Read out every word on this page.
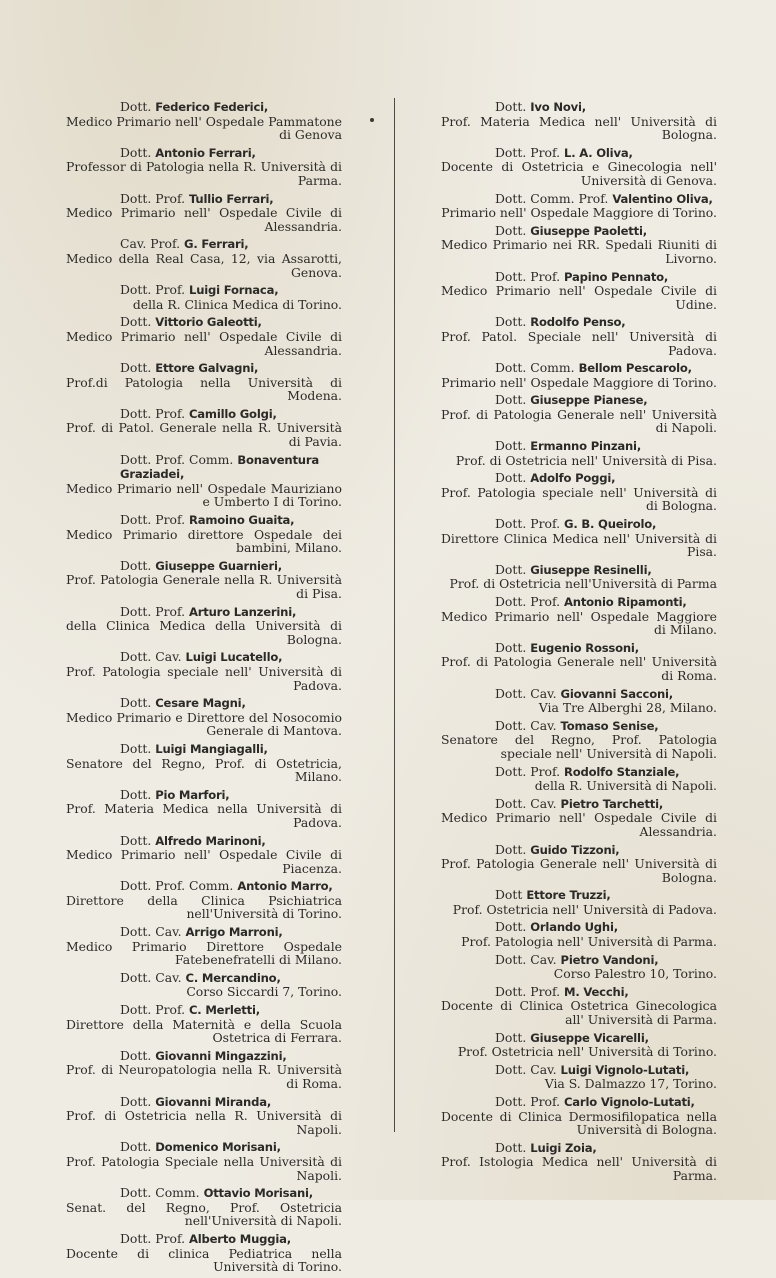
Dott. Federico Federici,
Medico Primario nell' Ospedale Pammatone di Genova
Dott. Antonio Ferrari,
Professor di Patologia nella R. Università di Parma.
Dott. Prof. Tullio Ferrari,
Medico Primario nell' Ospedale Civile di Alessandria.
Cav. Prof. G. Ferrari,
Medico della Real Casa, 12, via Assarotti, Genova.
Dott. Prof. Luigi Fornaca,
della R. Clinica Medica di Torino.
Dott. Vittorio Galeotti,
Medico Primario nell' Ospedale Civile di Alessandria.
Dott. Ettore Galvagni,
Prof.di Patologia nella Università di Modena.
Dott. Prof. Camillo Golgi,
Prof. di Patol. Generale nella R. Università di Pavia.
Dott. Prof. Comm. Bonaventura Graziadei,
Medico Primario nell' Ospedale Mauriziano e Umberto I di Torino.
Dott. Prof. Ramoino Guaita,
Medico Primario direttore Ospedale dei bambini, Milano.
Dott. Giuseppe Guarnieri,
Prof. Patologia Generale nella R. Università di Pisa.
Dott. Prof. Arturo Lanzerini,
della Clinica Medica della Università di Bologna.
Dott. Cav. Luigi Lucatello,
Prof. Patologia speciale nell' Università di Padova.
Dott. Cesare Magni,
Medico Primario e Direttore del Nosocomio Generale di Mantova.
Dott. Luigi Mangiagalli,
Senatore del Regno, Prof. di Ostetricia, Milano.
Dott. Pio Marfori,
Prof. Materia Medica nella Università di Padova.
Dott. Alfredo Marinoni,
Medico Primario nell' Ospedale Civile di Piacenza.
Dott. Prof. Comm. Antonio Marro,
Direttore della Clinica Psichiatrica nell'Università di Torino.
Dott. Cav. Arrigo Marroni,
Medico Primario Direttore Ospedale Fatebenefratelli di Milano.
Dott. Cav. C. Mercandino,
Corso Siccardi 7, Torino.
Dott. Prof. C. Merletti,
Direttore della Maternità e della Scuola Ostetrica di Ferrara.
Dott. Giovanni Mingazzini,
Prof. di Neuropatologia nella R. Università di Roma.
Dott. Giovanni Miranda,
Prof. di Ostetricia nella R. Università di Napoli.
Dott. Domenico Morisani,
Prof. Patologia Speciale nella Università di Napoli.
Dott. Comm. Ottavio Morisani,
Senat. del Regno, Prof. Ostetricia nell'Università di Napoli.
Dott. Prof. Alberto Muggia,
Docente di clinica Pediatrica nella Università di Torino.
Dott. Ivo Novi,
Prof. Materia Medica nell' Università di Bologna.
Dott. Prof. L. A. Oliva,
Docente di Ostetricia e Ginecologia nell' Università di Genova.
Dott. Comm. Prof. Valentino Oliva,
Primario nell' Ospedale Maggiore di Torino.
Dott. Giuseppe Paoletti,
Medico Primario nei RR. Spedali Riuniti di Livorno.
Dott. Prof. Papino Pennato,
Medico Primario nell' Ospedale Civile di Udine.
Dott. Rodolfo Penso,
Prof. Patol. Speciale nell' Università di Padova.
Dott. Comm. Bellom Pescarolo,
Primario nell' Ospedale Maggiore di Torino.
Dott. Giuseppe Pianese,
Prof. di Patologia Generale nell' Università di Napoli.
Dott. Ermanno Pinzani,
Prof. di Ostetricia nell' Università di Pisa.
Dott. Adolfo Poggi,
Prof. Patologia speciale nell' Università di di Bologna.
Dott. Prof. G. B. Queirolo,
Direttore Clinica Medica nell' Università di Pisa.
Dott. Giuseppe Resinelli,
Prof. di Ostetricia nell'Università di Parma
Dott. Prof. Antonio Ripamonti,
Medico Primario nell' Ospedale Maggiore di Milano.
Dott. Eugenio Rossoni,
Prof. di Patologia Generale nell' Università di Roma.
Dott. Cav. Giovanni Sacconi,
Via Tre Alberghi 28, Milano.
Dott. Cav. Tomaso Senise,
Senatore del Regno, Prof. Patologia speciale nell' Università di Napoli.
Dott. Prof. Rodolfo Stanziale,
della R. Università di Napoli.
Dott. Cav. Pietro Tarchetti,
Medico Primario nell' Ospedale Civile di Alessandria.
Dott. Guido Tizzoni,
Prof. Patologia Generale nell' Università di Bologna.
Dott Ettore Truzzi,
Prof. Ostetricia nell' Università di Padova.
Dott. Orlando Ughi,
Prof. Patologia nell' Università di Parma.
Dott. Cav. Pietro Vandoni,
Corso Palestro 10, Torino.
Dott. Prof. M. Vecchi,
Docente di Clinica Ostetrica Ginecologica all' Università di Parma.
Dott. Giuseppe Vicarelli,
Prof. Ostetricia nell' Università di Torino.
Dott. Cav. Luigi Vignolo-Lutati,
Via S. Dalmazzo 17, Torino.
Dott. Prof. Carlo Vignolo-Lutati,
Docente di Clinica Dermosifilopatica nella Università di Bologna.
Dott. Luigi Zoia,
Prof. Istologia Medica nell' Università di Parma.
